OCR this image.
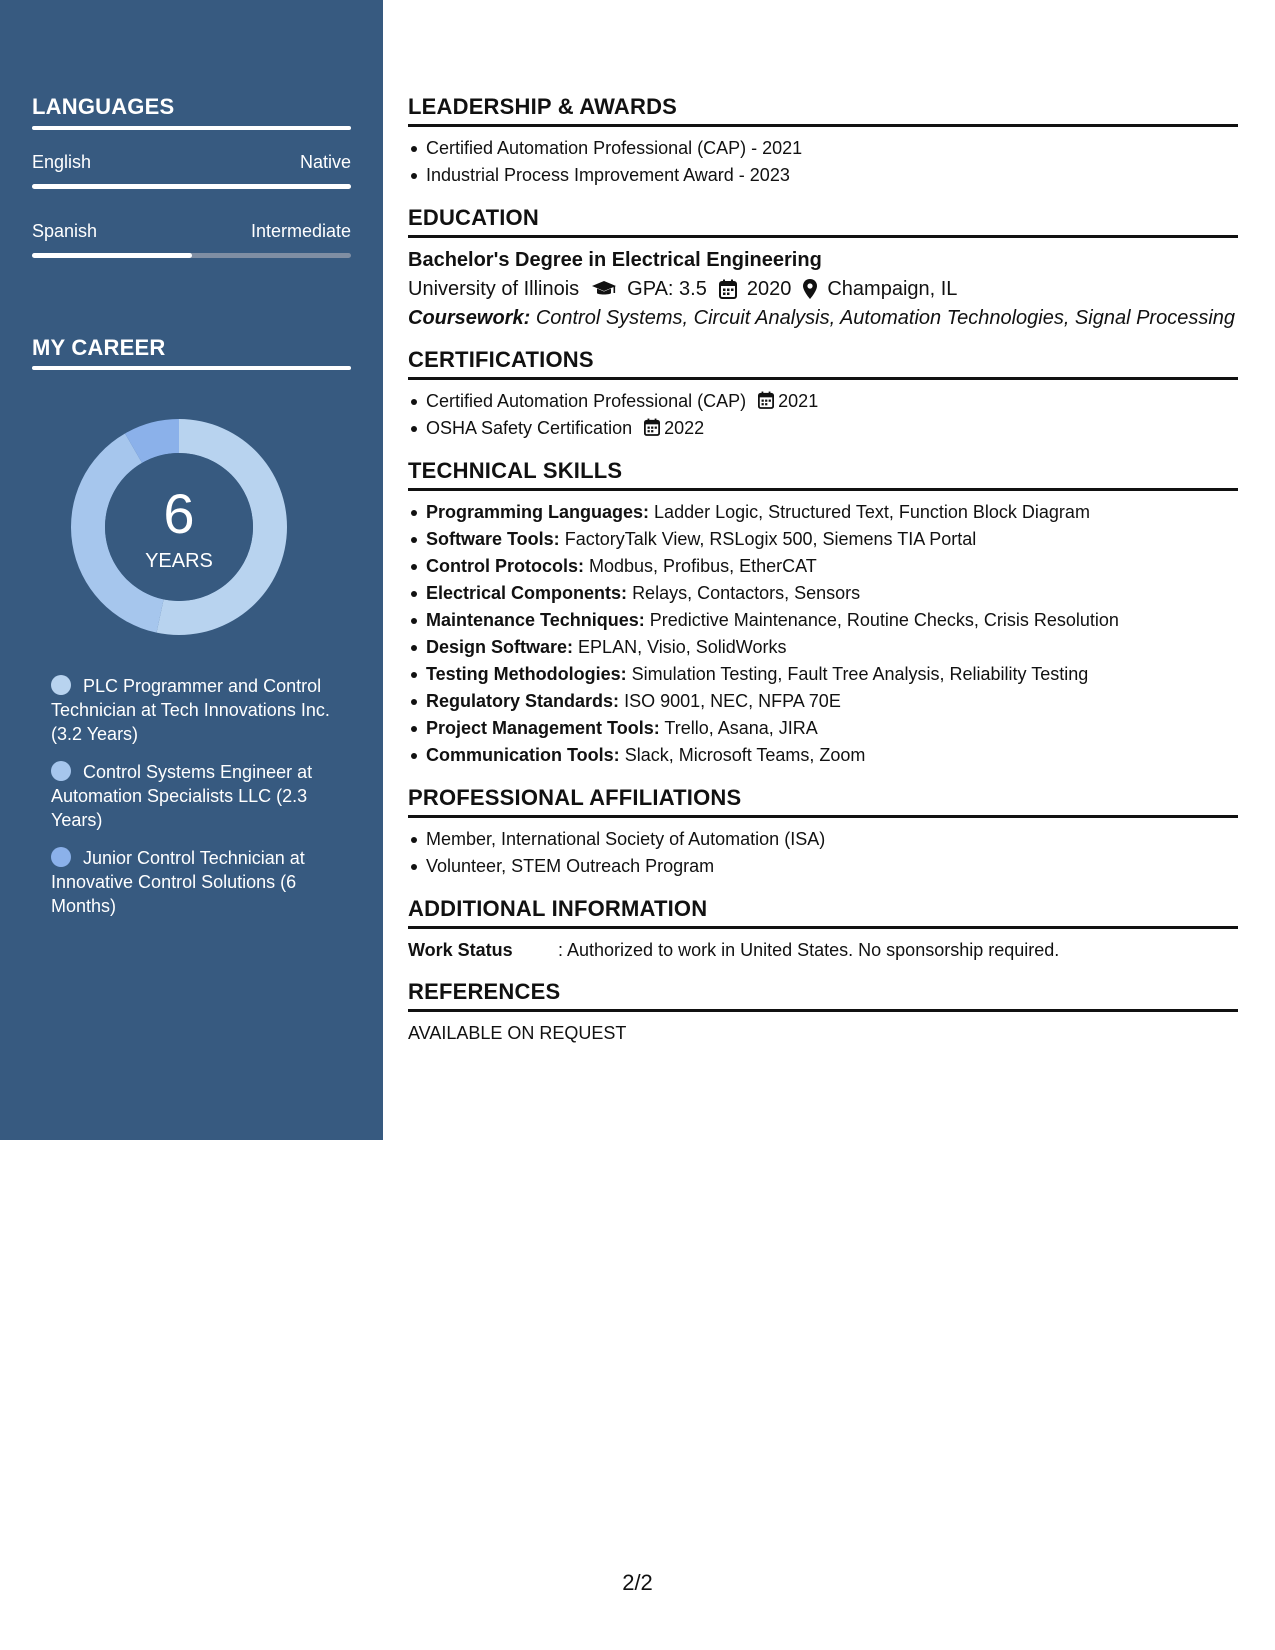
LANGUAGES
English	Native
Spanish	Intermediate
MY CAREER
6
YEARS
PLC Programmer and Control Technician at Tech Innovations Inc. (3.2 Years)
Control Systems Engineer at Automation Specialists LLC (2.3 Years)
Junior Control Technician at Innovative Control Solutions (6 Months)
LEADERSHIP & AWARDS
Certified Automation Professional (CAP) - 2021
Industrial Process Improvement Award - 2023
EDUCATION
Bachelor's Degree in Electrical Engineering
University of Illinois GPA: 3.5 2020 Champaign, IL
Coursework: Control Systems, Circuit Analysis, Automation Technologies, Signal Processing
CERTIFICATIONS
Certified Automation Professional (CAP) 2021
OSHA Safety Certification 2022
TECHNICAL SKILLS
Programming Languages: Ladder Logic, Structured Text, Function Block Diagram
Software Tools: FactoryTalk View, RSLogix 500, Siemens TIA Portal
Control Protocols: Modbus, Profibus, EtherCAT
Electrical Components: Relays, Contactors, Sensors
Maintenance Techniques: Predictive Maintenance, Routine Checks, Crisis Resolution
Design Software: EPLAN, Visio, SolidWorks
Testing Methodologies: Simulation Testing, Fault Tree Analysis, Reliability Testing
Regulatory Standards: ISO 9001, NEC, NFPA 70E
Project Management Tools: Trello, Asana, JIRA
Communication Tools: Slack, Microsoft Teams, Zoom
PROFESSIONAL AFFILIATIONS
Member, International Society of Automation (ISA)
Volunteer, STEM Outreach Program
ADDITIONAL INFORMATION
Work Status	: Authorized to work in United States. No sponsorship required.
REFERENCES
AVAILABLE ON REQUEST
2/2
